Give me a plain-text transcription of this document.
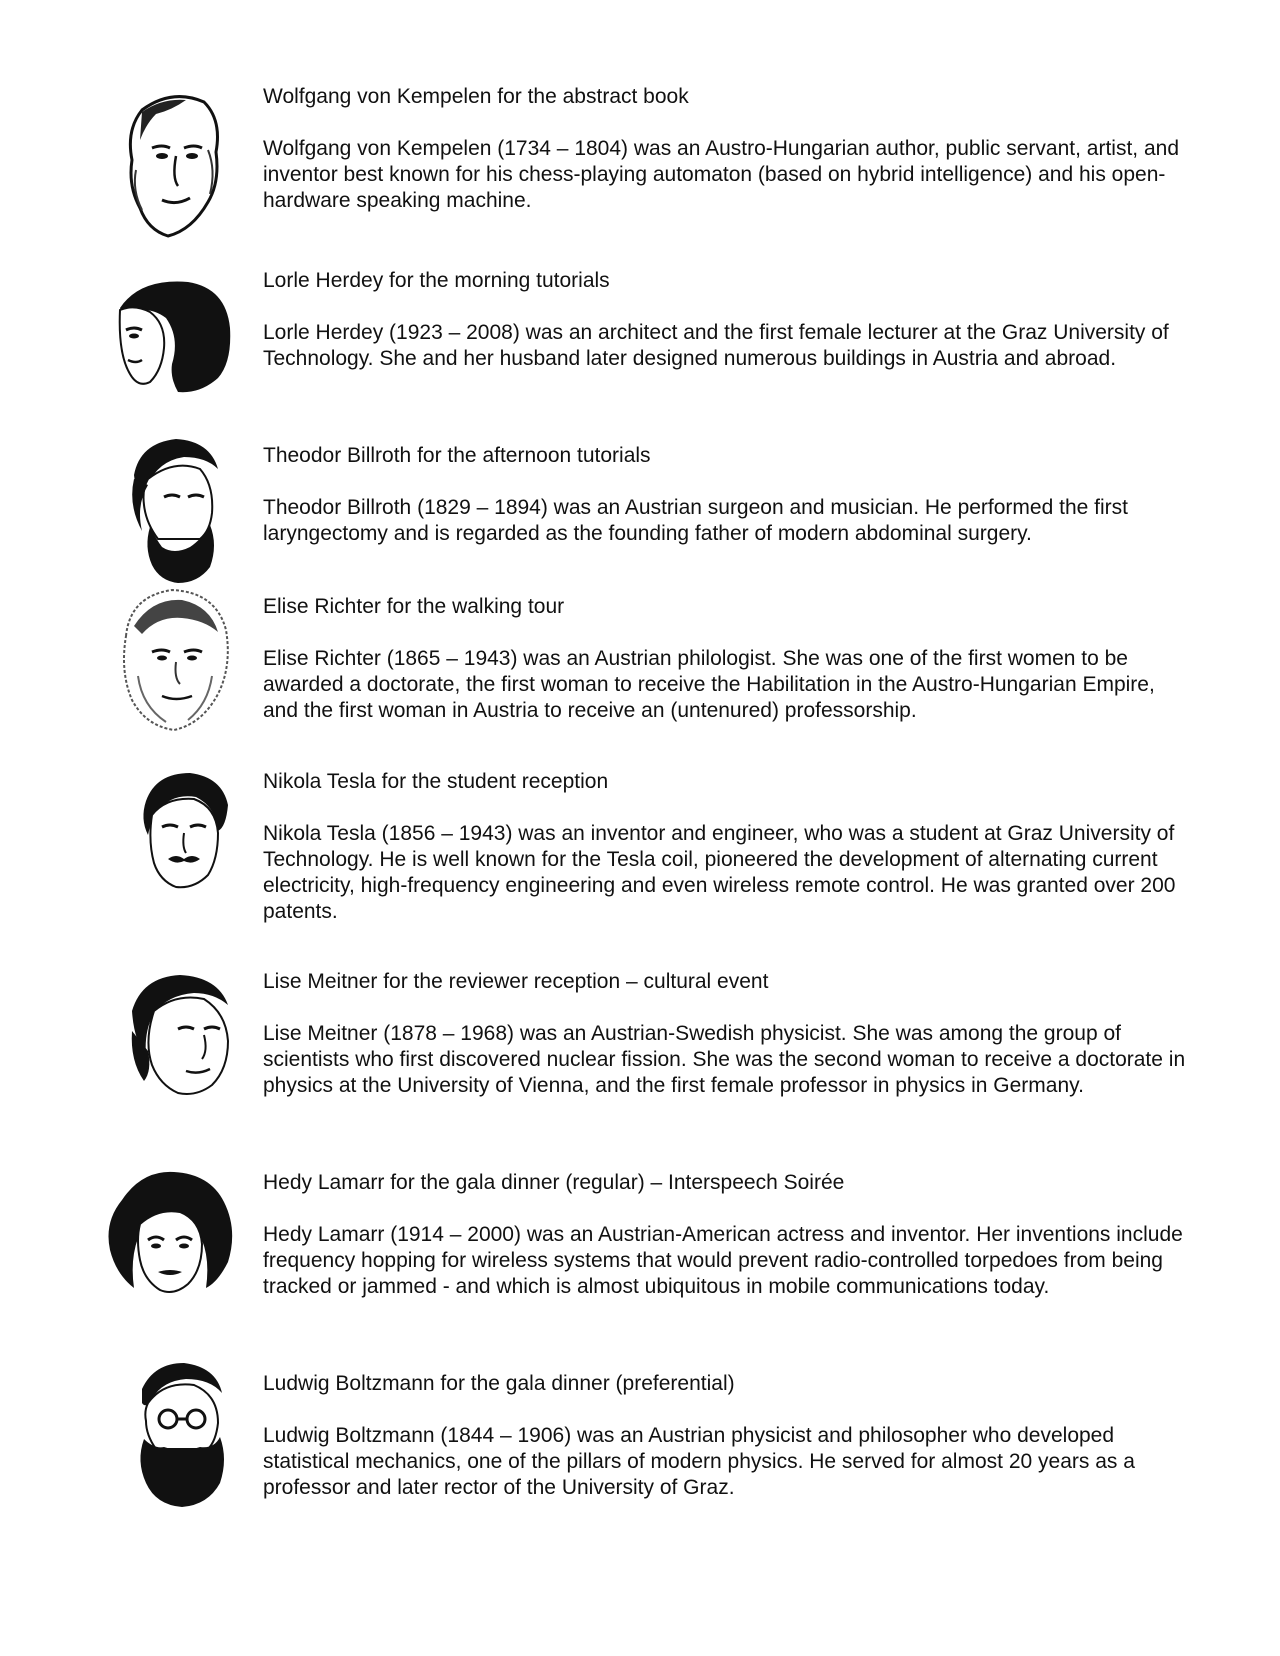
Wolfgang von Kempelen for the abstract book

Wolfgang von Kempelen (1734 – 1804) was an Austro-Hungarian author, public servant, artist, and inventor best known for his chess-playing automaton (based on hybrid intelligence) and his open-hardware speaking machine.

Lorle Herdey for the morning tutorials

Lorle Herdey (1923 – 2008) was an architect and the first female lecturer at the Graz University of Technology. She and her husband later designed numerous buildings in Austria and abroad.

Theodor Billroth for the afternoon tutorials

Theodor Billroth (1829 – 1894) was an Austrian surgeon and musician. He performed the first laryngectomy and is regarded as the founding father of modern abdominal surgery.

Elise Richter for the walking tour

Elise Richter (1865 – 1943) was an Austrian philologist. She was one of the first women to be awarded a doctorate, the first woman to receive the Habilitation in the Austro-Hungarian Empire, and the first woman in Austria to receive an (untenured) professorship.

Nikola Tesla for the student reception

Nikola Tesla (1856 – 1943) was an inventor and engineer, who was a student at Graz University of Technology. He is well known for the Tesla coil, pioneered the development of alternating current electricity, high-frequency engineering and even wireless remote control. He was granted over 200 patents.

Lise Meitner for the reviewer reception – cultural event

Lise Meitner (1878 – 1968) was an Austrian-Swedish physicist. She was among the group of scientists who first discovered nuclear fission. She was the second woman to receive a doctorate in physics at the University of Vienna, and the first female professor in physics in Germany.

Hedy Lamarr for the gala dinner (regular) – Interspeech Soirée

Hedy Lamarr (1914 – 2000) was an Austrian-American actress and inventor. Her inventions include frequency hopping for wireless systems that would prevent radio-controlled torpedoes from being tracked or jammed - and which is almost ubiquitous in mobile communications today.

Ludwig Boltzmann for the gala dinner (preferential)

Ludwig Boltzmann (1844 – 1906) was an Austrian physicist and philosopher who developed statistical mechanics, one of the pillars of modern physics. He served for almost 20 years as a professor and later rector of the University of Graz.
